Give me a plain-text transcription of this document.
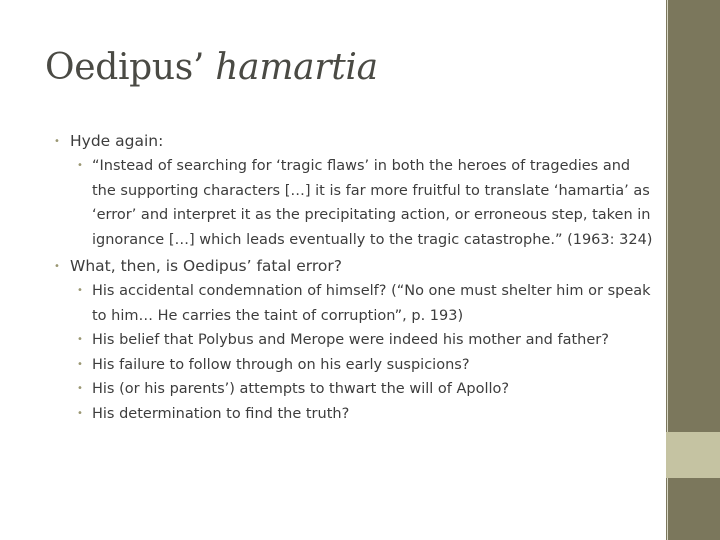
Oedipus’ hamartia
• Hyde again:
• “Instead of searching for ‘tragic flaws’ in both the heroes of tragedies and the supporting characters […] it is far more fruitful to translate ‘hamartia’ as ‘error’ and interpret it as the precipitating action, or erroneous step, taken in ignorance […] which leads eventually to the tragic catastrophe.” (1963: 324)
• What, then, is Oedipus’ fatal error?
• His accidental condemnation of himself? (“No one must shelter him or speak to him… He carries the taint of corruption”, p. 193)
• His belief that Polybus and Merope were indeed his mother and father?
• His failure to follow through on his early suspicions?
• His (or his parents’) attempts to thwart the will of Apollo?
• His determination to find the truth?
